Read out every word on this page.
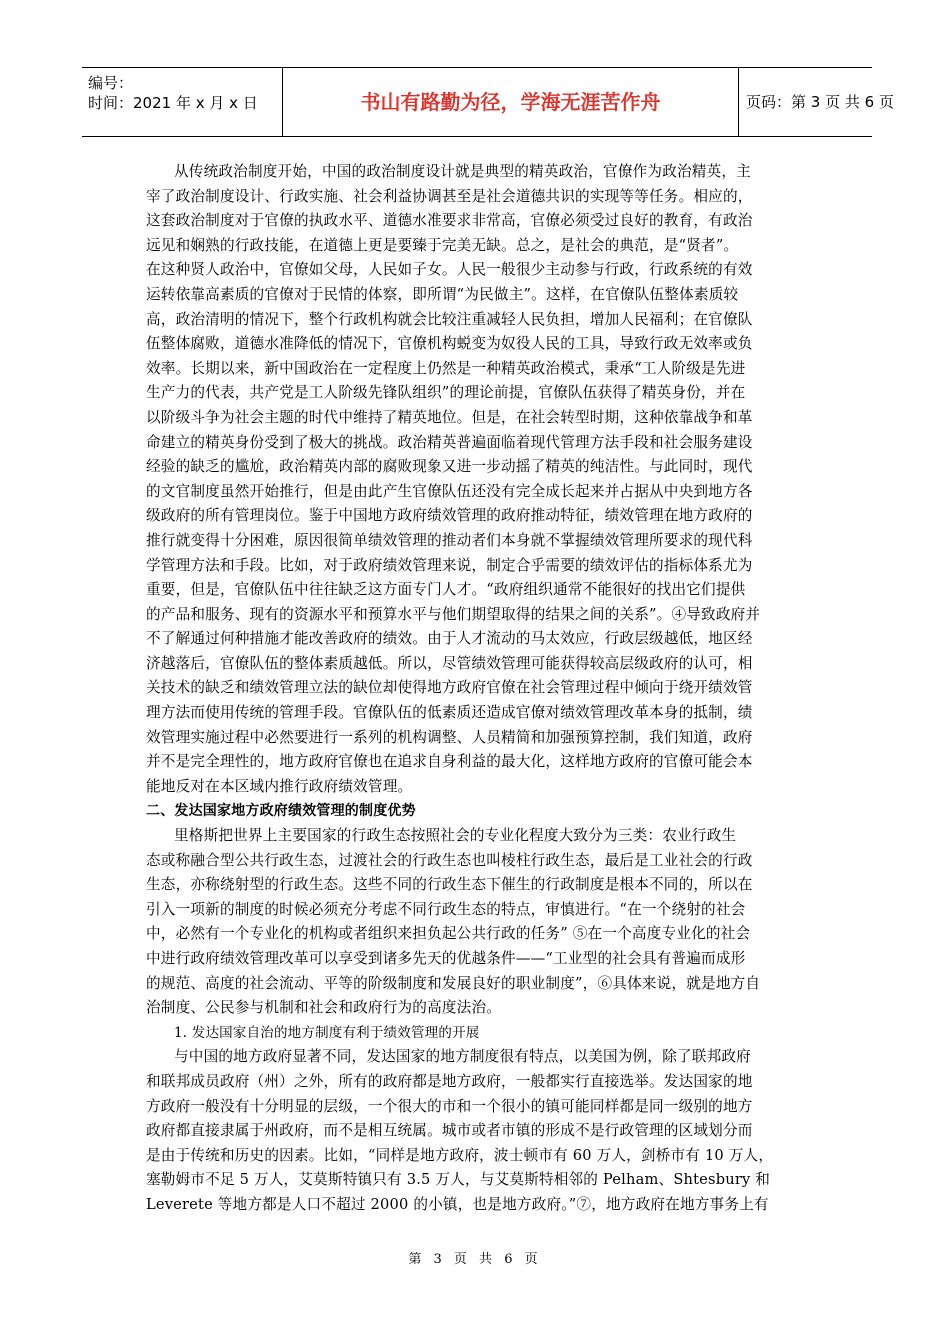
编号：
时间：2021 年 x 月 x 日	书山有路勤为径，学海无涯苦作舟	页码：第 3 页 共 6 页
从传统政治制度开始，中国的政治制度设计就是典型的精英政治，官僚作为政治精英，主
宰了政治制度设计、行政实施、社会利益协调甚至是社会道德共识的实现等等任务。相应的，
这套政治制度对于官僚的执政水平、道德水准要求非常高，官僚必须受过良好的教育，有政治
远见和娴熟的行政技能，在道德上更是要臻于完美无缺。总之，是社会的典范，是“贤者”。
在这种贤人政治中，官僚如父母，人民如子女。人民一般很少主动参与行政，行政系统的有效
运转依靠高素质的官僚对于民情的体察，即所谓“为民做主”。这样，在官僚队伍整体素质较
高，政治清明的情况下，整个行政机构就会比较注重减轻人民负担，增加人民福利；在官僚队
伍整体腐败，道德水准降低的情况下，官僚机构蜕变为奴役人民的工具，导致行政无效率或负
效率。长期以来，新中国政治在一定程度上仍然是一种精英政治模式，秉承“工人阶级是先进
生产力的代表，共产党是工人阶级先锋队组织”的理论前提，官僚队伍获得了精英身份，并在
以阶级斗争为社会主题的时代中维持了精英地位。但是，在社会转型时期，这种依靠战争和革
命建立的精英身份受到了极大的挑战。政治精英普遍面临着现代管理方法手段和社会服务建设
经验的缺乏的尴尬，政治精英内部的腐败现象又进一步动摇了精英的纯洁性。与此同时，现代
的文官制度虽然开始推行，但是由此产生官僚队伍还没有完全成长起来并占据从中央到地方各
级政府的所有管理岗位。鉴于中国地方政府绩效管理的政府推动特征，绩效管理在地方政府的
推行就变得十分困难，原因很简单绩效管理的推动者们本身就不掌握绩效管理所要求的现代科
学管理方法和手段。比如，对于政府绩效管理来说，制定合乎需要的绩效评估的指标体系尤为
重要，但是，官僚队伍中往往缺乏这方面专门人才。“政府组织通常不能很好的找出它们提供
的产品和服务、现有的资源水平和预算水平与他们期望取得的结果之间的关系”。④导致政府并
不了解通过何种措施才能改善政府的绩效。由于人才流动的马太效应，行政层级越低，地区经
济越落后，官僚队伍的整体素质越低。所以，尽管绩效管理可能获得较高层级政府的认可，相
关技术的缺乏和绩效管理立法的缺位却使得地方政府官僚在社会管理过程中倾向于绕开绩效管
理方法而使用传统的管理手段。官僚队伍的低素质还造成官僚对绩效管理改革本身的抵制，绩
效管理实施过程中必然要进行一系列的机构调整、人员精简和加强预算控制，我们知道，政府
并不是完全理性的，地方政府官僚也在追求自身利益的最大化，这样地方政府的官僚可能会本
能地反对在本区域内推行政府绩效管理。
二、发达国家地方政府绩效管理的制度优势
里格斯把世界上主要国家的行政生态按照社会的专业化程度大致分为三类：农业行政生
态或称融合型公共行政生态，过渡社会的行政生态也叫棱柱行政生态，最后是工业社会的行政
生态，亦称绕射型的行政生态。这些不同的行政生态下催生的行政制度是根本不同的，所以在
引入一项新的制度的时候必须充分考虑不同行政生态的特点，审慎进行。“在一个绕射的社会
中，必然有一个专业化的机构或者组织来担负起公共行政的任务” ⑤在一个高度专业化的社会
中进行政府绩效管理改革可以享受到诸多先天的优越条件——“工业型的社会具有普遍而成形
的规范、高度的社会流动、平等的阶级制度和发展良好的职业制度”，⑥具体来说，就是地方自
治制度、公民参与机制和社会和政府行为的高度法治。
1. 发达国家自治的地方制度有利于绩效管理的开展
与中国的地方政府显著不同，发达国家的地方制度很有特点，以美国为例，除了联邦政府
和联邦成员政府（州）之外，所有的政府都是地方政府，一般都实行直接选举。发达国家的地
方政府一般没有十分明显的层级，一个很大的市和一个很小的镇可能同样都是同一级别的地方
政府都直接隶属于州政府，而不是相互统属。城市或者市镇的形成不是行政管理的区域划分而
是由于传统和历史的因素。比如，“同样是地方政府，波士顿市有 60 万人，剑桥市有 10 万人，
塞勒姆市不足 5 万人，艾莫斯特镇只有 3.5 万人，与艾莫斯特相邻的 Pelham、Shtesbury 和
Leverete 等地方都是人口不超过 2000 的小镇，也是地方政府。”⑦，地方政府在地方事务上有
第 3 页 共 6 页
